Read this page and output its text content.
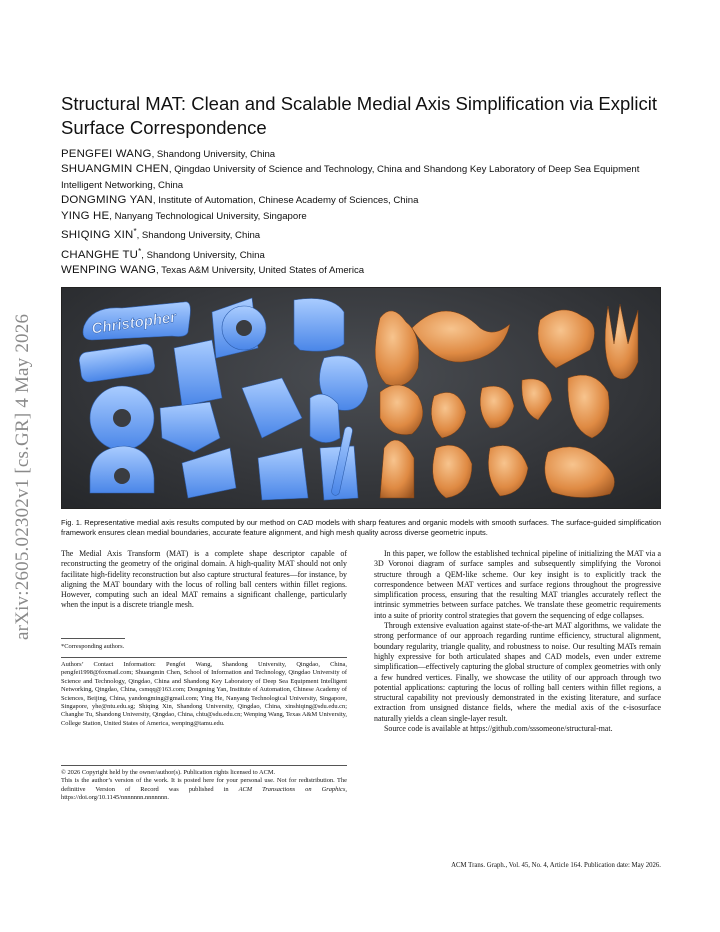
arXiv:2605.02302v1 [cs.GR] 4 May 2026
Structural MAT: Clean and Scalable Medial Axis Simplification via Explicit Surface Correspondence
PENGFEI WANG, Shandong University, China
SHUANGMIN CHEN, Qingdao University of Science and Technology, China and Shandong Key Laboratory of Deep Sea Equipment Intelligent Networking, China
DONGMING YAN, Institute of Automation, Chinese Academy of Sciences, China
YING HE, Nanyang Technological University, Singapore
SHIQING XIN*, Shandong University, China
CHANGHE TU*, Shandong University, China
WENPING WANG, Texas A&M University, United States of America
Christopher
Fig. 1. Representative medial axis results computed by our method on CAD models with sharp features and organic models with smooth surfaces. The surface-guided simplification framework ensures clean medial boundaries, accurate feature alignment, and high mesh quality across diverse geometric inputs.

The Medial Axis Transform (MAT) is a complete shape descriptor capable of reconstructing the geometry of the original domain. A high-quality MAT should not only facilitate high-fidelity reconstruction but also capture structural features—for instance, by aligning the MAT boundary with the locus of rolling ball centers within fillet regions. However, computing such an ideal MAT remains a significant challenge, particularly when the input is a discrete triangle mesh.

*Corresponding authors.
Authors’ Contact Information: Pengfei Wang, Shandong University, Qingdao, China, pengfei1998@foxmail.com; Shuangmin Chen, School of Information and Technology, Qingdao University of Science and Technology, Qingdao, China and Shandong Key Laboratory of Deep Sea Equipment Intelligent Networking, Qingdao, China, csmqq@163.com; Dongming Yan, Institute of Automation, Chinese Academy of Sciences, Beijing, China, yandongming@gmail.com; Ying He, Nanyang Technological University, Singapore, Singapore, yhe@ntu.edu.sg; Shiqing Xin, Shandong University, Qingdao, China, xinshiqing@sdu.edu.cn; Changhe Tu, Shandong University, Qingdao, China, chtu@sdu.edu.cn; Wenping Wang, Texas A&M University, College Station, United States of America, wenping@tamu.edu.
© 2026 Copyright held by the owner/author(s). Publication rights licensed to ACM.
This is the author’s version of the work. It is posted here for your personal use. Not for redistribution. The definitive Version of Record was published in ACM Transactions on Graphics, https://doi.org/10.1145/nnnnnnn.nnnnnnn.

In this paper, we follow the established technical pipeline of initializing the MAT via a 3D Voronoi diagram of surface samples and subsequently simplifying the Voronoi structure through a QEM-like scheme. Our key insight is to explicitly track the correspondence between MAT vertices and surface regions throughout the progressive simplification process, ensuring that the resulting MAT triangles accurately reflect the intrinsic symmetries between surface patches. We translate these geometric requirements into a suite of priority control strategies that govern the sequencing of edge collapses.

Through extensive evaluation against state-of-the-art MAT algorithms, we validate the strong performance of our approach regarding runtime efficiency, structural alignment, boundary regularity, triangle quality, and robustness to noise. Our resulting MATs remain highly expressive for both articulated shapes and CAD models, even under extreme simplification—effectively capturing the global structure of complex geometries with only a few hundred vertices. Finally, we showcase the utility of our approach through two potential applications: capturing the locus of rolling ball centers within fillet regions, a structural capability not previously demonstrated in the existing literature, and surface extraction from unsigned distance fields, where the medial axis of the ϵ-isosurface naturally yields a clean single-layer result.

Source code is available at https://github.com/sssomeone/structural-mat.

ACM Trans. Graph., Vol. 45, No. 4, Article 164. Publication date: May 2026.
